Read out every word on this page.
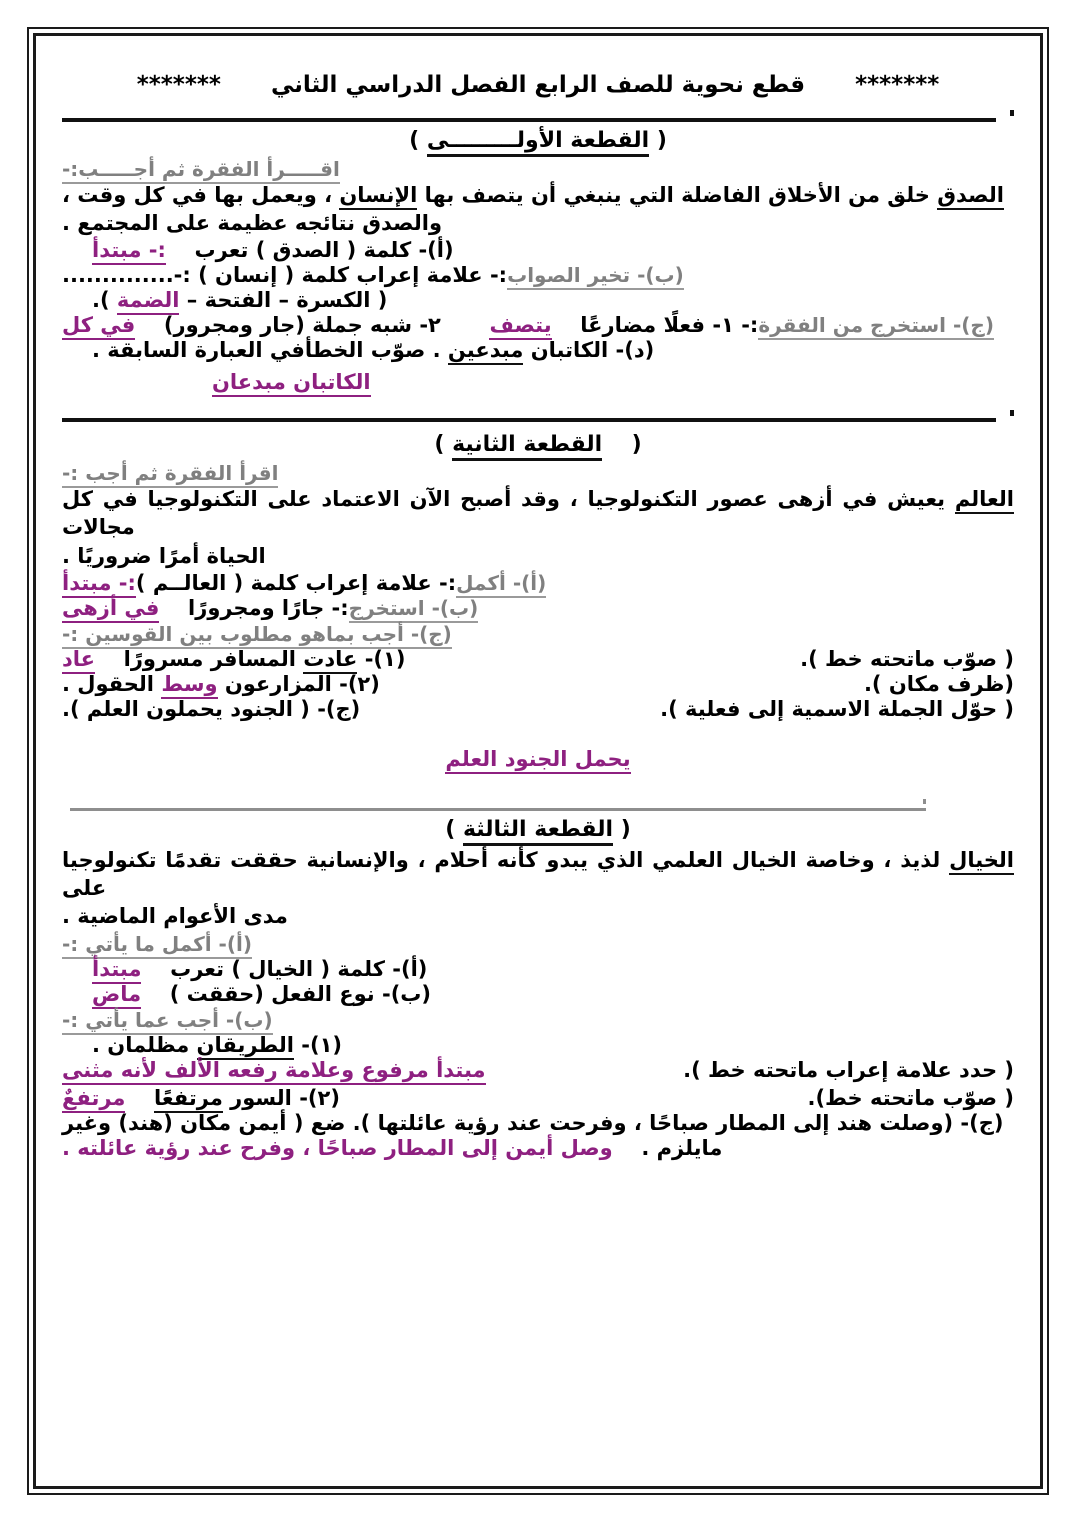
*******  قطع نحوية للصف الرابع الفصل الدراسي الثاني  *******
( القطعة الأولـــــــــى )
اقـــــرأ الفقرة ثم أجـــــب:-
الصدق خلق من الأخلاق الفاضلة التي ينبغي أن يتصف بها الإنسان ، ويعمل بها في كل وقت ،
والصدق نتائجه عظيمة على المجتمع .
(أ)- كلمة ( الصدق ) تعرب  :- مبتدأ
(ب)- تخير الصواب:- علامة إعراب كلمة ( إنسان ) :-..............
( الكسرة – الفتحة – الضمة ).
(ج)- استخرج من الفقرة:- ١- فعلًا مضارعًا  يتصف  ٢- شبه جملة (جار ومجرور)  في كل
(د)- الكاتبان مبدعين . صوّب الخطأفي العبارة السابقة .
الكاتبان مبدعان
(  القطعة الثانية )
اقرأ الفقرة ثم أجب :-
العالم يعيش في أزهى عصور التكنولوجيا ، وقد أصبح الآن الاعتماد على التكنولوجيا في كل مجالات
الحياة أمرًا ضروريًا .
(أ)- أكمل:- علامة إعراب كلمة ( العالــم ):- مبتدأ
(ب)- استخرج:- جارًا ومجرورًا  في أزهى
(ج)- أجب بماهو مطلوب بين القوسين :-
( صوّب ماتحته خط ).
(١)- عادت المسافر مسرورًا  عاد
(ظرف مكان ).
(٢)- المزارعون وسط الحقول .
( حوّل الجملة الاسمية إلى فعلية ).
(ج)- ( الجنود يحملون العلم ).
يحمل الجنود العلم
( القطعة الثالثة )
الخيال لذيذ ، وخاصة الخيال العلمي الذي يبدو كأنه أحلام ، والإنسانية حققت تقدمًا تكنولوجيا على
مدى الأعوام الماضية .
(أ)- أكمل ما يأتي :-
(أ)- كلمة ( الخيال ) تعرب  مبتدأ
(ب)- نوع الفعل (حققت )  ماض
(ب)- أجب عما يأتي :-
(١)- الطريقان مظلمان .
( حدد علامة إعراب ماتحته خط ).
مبتدأ مرفوع وعلامة رفعه الألف لأنه مثنى
( صوّب ماتحته خط).
(٢)- السور مرتفعًا  مرتفعٌ
(ج)- (وصلت هند إلى المطار صباحًا ، وفرحت عند رؤية عائلتها ). ضع ( أيمن مكان (هند) وغير
مايلزم .  وصل أيمن إلى المطار صباحًا ، وفرح عند رؤية عائلته .
